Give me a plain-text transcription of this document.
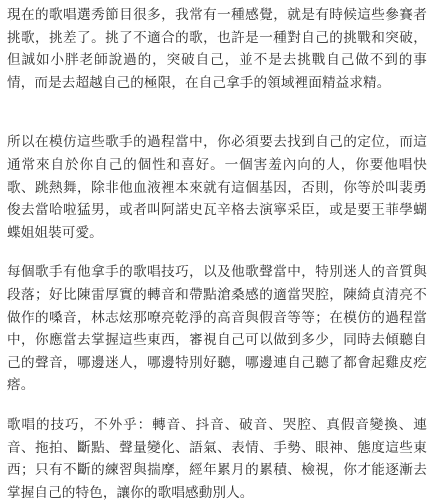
現在的歌唱選秀節目很多，我常有一種感覺，就是有時候這些參賽者挑歌，挑差了。挑了不適合的歌，也許是一種對自己的挑戰和突破，但誠如小胖老師說過的，突破自己，並不是去挑戰自己做不到的事情，而是去超越自己的極限，在自己拿手的領域裡面精益求精。

所以在模仿這些歌手的過程當中，你必須要去找到自己的定位，而這通常來自於你自己的個性和喜好。一個害羞內向的人，你要他唱快歌、跳熱舞，除非他血液裡本來就有這個基因，否則，你等於叫裴勇俊去當哈啦猛男，或者叫阿諾史瓦辛格去演寧采臣，或是要王菲學蝴蝶姐姐裝可愛。

每個歌手有他拿手的歌唱技巧，以及他歌聲當中，特別迷人的音質與段落；好比陳雷厚實的轉音和帶點滄桑感的適當哭腔，陳綺貞清亮不做作的嗓音，林志炫那嘹亮乾淨的高音與假音等等；在模仿的過程當中，你應當去掌握這些東西，審視自己可以做到多少，同時去傾聽自己的聲音，哪邊迷人，哪邊特別好聽，哪邊連自己聽了都會起雞皮疙瘩。

歌唱的技巧，不外乎：轉音、抖音、破音、哭腔、真假音變換、連音、拖拍、斷點、聲量變化、語氣、表情、手勢、眼神、態度這些東西；只有不斷的練習與揣摩，經年累月的累積、檢視，你才能逐漸去掌握自己的特色，讓你的歌唱感動別人。
